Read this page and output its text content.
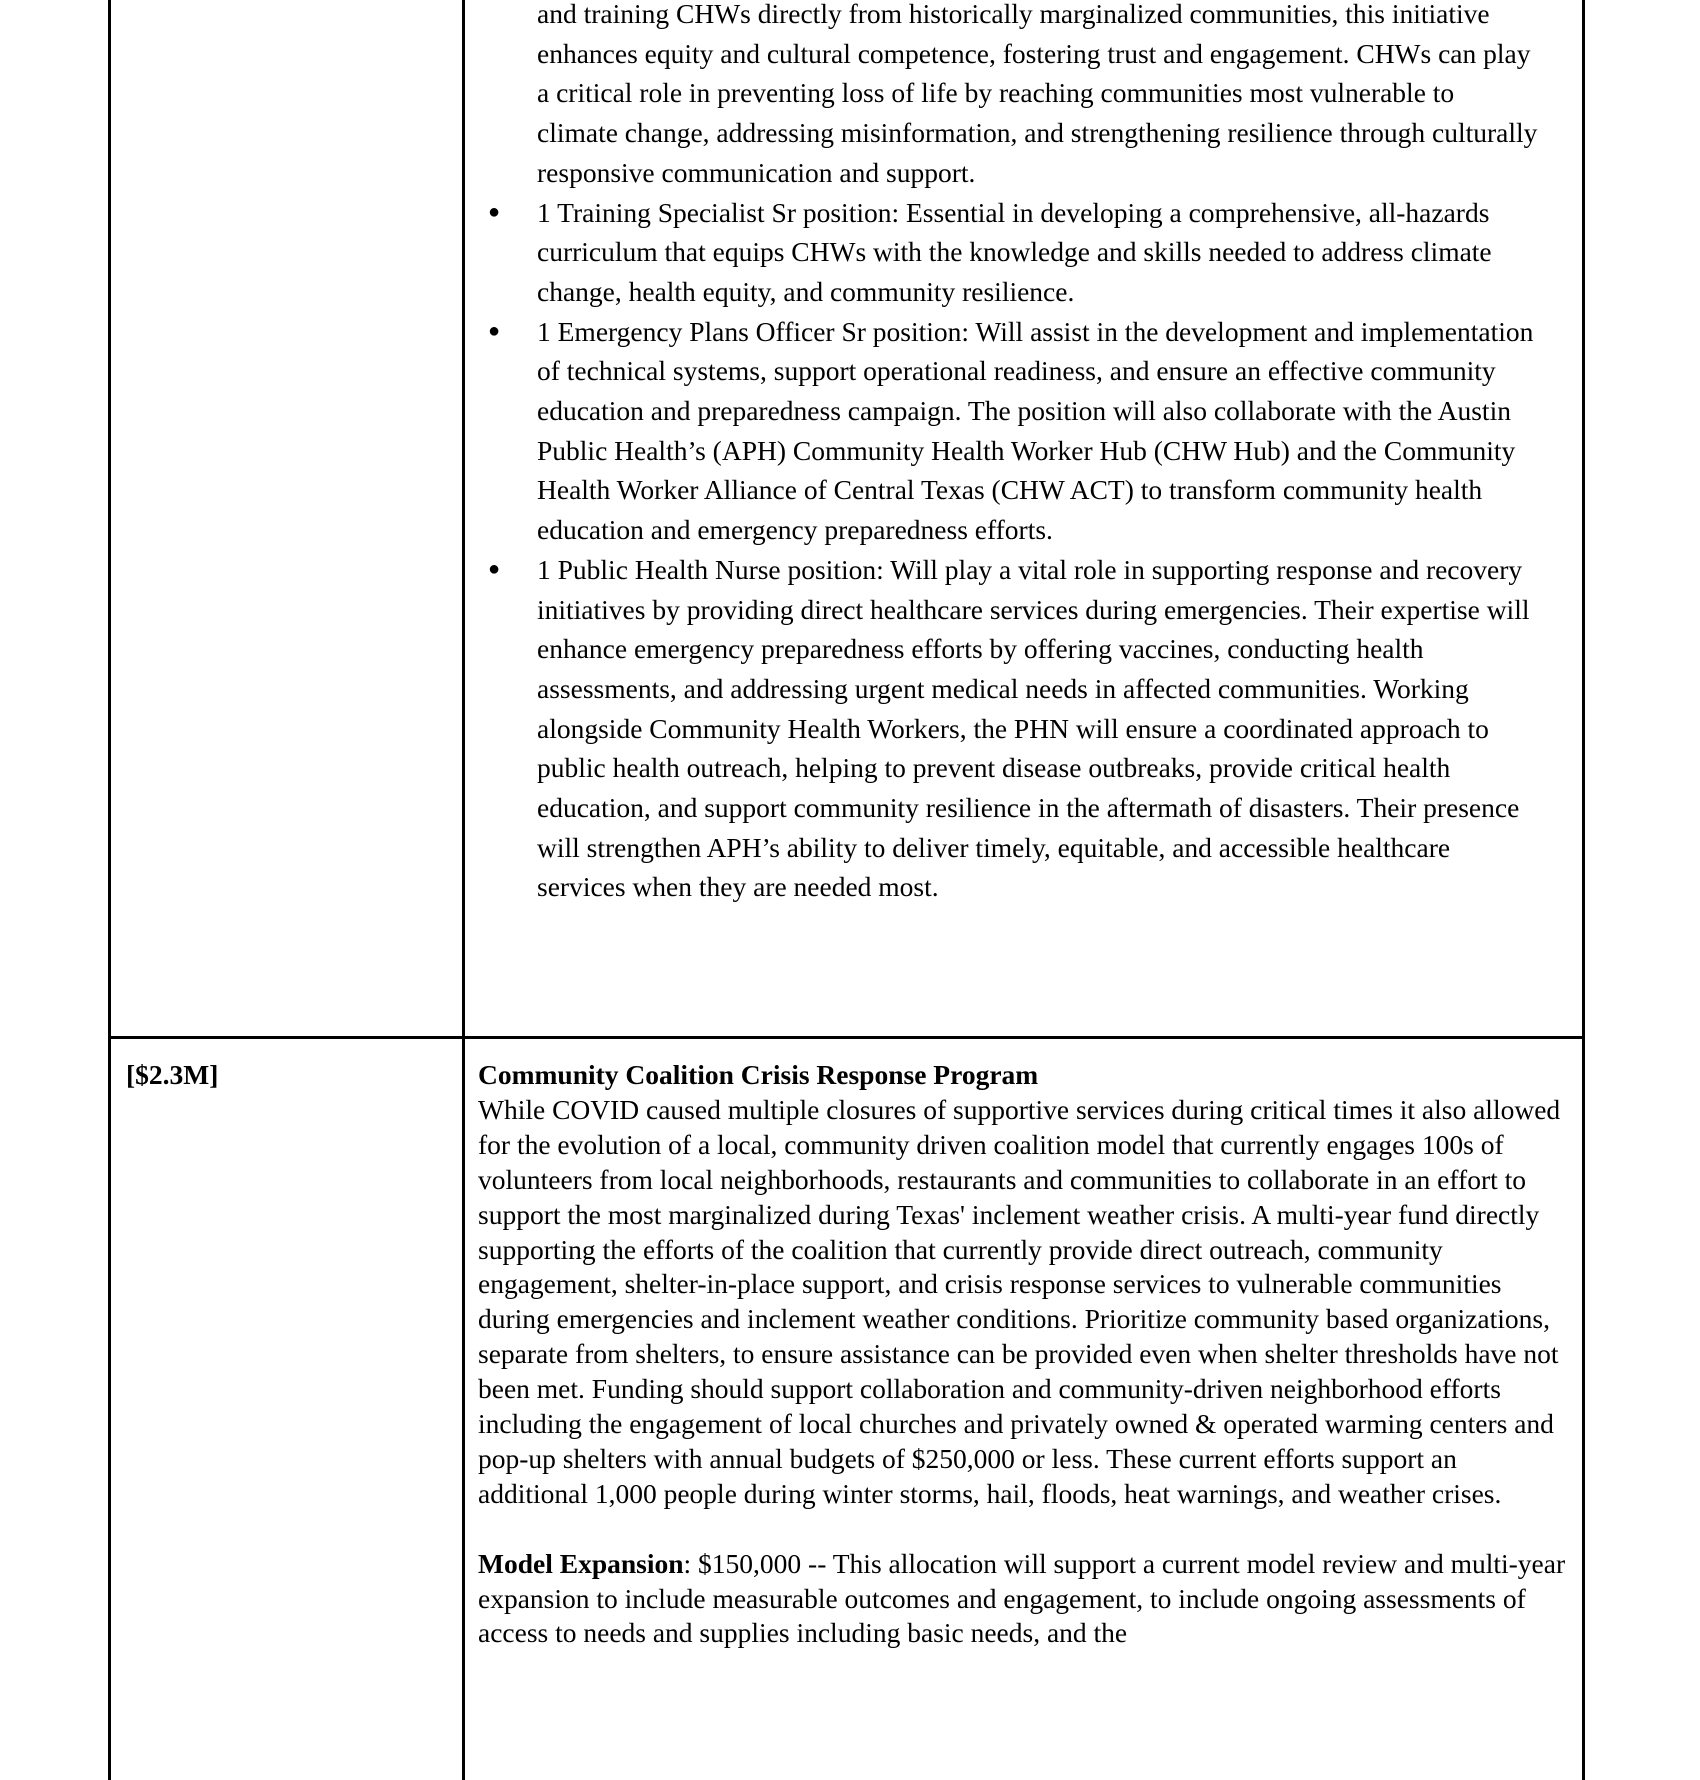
and training CHWs directly from historically marginalized communities, this initiative enhances equity and cultural competence, fostering trust and engagement. CHWs can play a critical role in preventing loss of life by reaching communities most vulnerable to climate change, addressing misinformation, and strengthening resilience through culturally responsive communication and support.
● 1 Training Specialist Sr position: Essential in developing a comprehensive, all-hazards curriculum that equips CHWs with the knowledge and skills needed to address climate change, health equity, and community resilience.
● 1 Emergency Plans Officer Sr position: Will assist in the development and implementation of technical systems, support operational readiness, and ensure an effective community education and preparedness campaign. The position will also collaborate with the Austin Public Health’s (APH) Community Health Worker Hub (CHW Hub) and the Community Health Worker Alliance of Central Texas (CHW ACT) to transform community health education and emergency preparedness efforts.
● 1 Public Health Nurse position: Will play a vital role in supporting response and recovery initiatives by providing direct healthcare services during emergencies. Their expertise will enhance emergency preparedness efforts by offering vaccines, conducting health assessments, and addressing urgent medical needs in affected communities. Working alongside Community Health Workers, the PHN will ensure a coordinated approach to public health outreach, helping to prevent disease outbreaks, provide critical health education, and support community resilience in the aftermath of disasters. Their presence will strengthen APH’s ability to deliver timely, equitable, and accessible healthcare services when they are needed most.
[$2.3M]	Community Coalition Crisis Response Program

While COVID caused multiple closures of supportive services during critical times it also allowed for the evolution of a local, community driven coalition model that currently engages 100s of volunteers from local neighborhoods, restaurants and communities to collaborate in an effort to support the most marginalized during Texas' inclement weather crisis. A multi-year fund directly supporting the efforts of the coalition that currently provide direct outreach, community engagement, shelter-in-place support, and crisis response services to vulnerable communities during emergencies and inclement weather conditions. Prioritize community based organizations, separate from shelters, to ensure assistance can be provided even when shelter thresholds have not been met. Funding should support collaboration and community-driven neighborhood efforts including the engagement of local churches and privately owned & operated warming centers and pop-up shelters with annual budgets of $250,000 or less. These current efforts support an additional 1,000 people during winter storms, hail, floods, heat warnings, and weather crises.

Model Expansion: $150,000 -- This allocation will support a current model review and multi-year expansion to include measurable outcomes and engagement, to include ongoing assessments of access to needs and supplies including basic needs, and the
